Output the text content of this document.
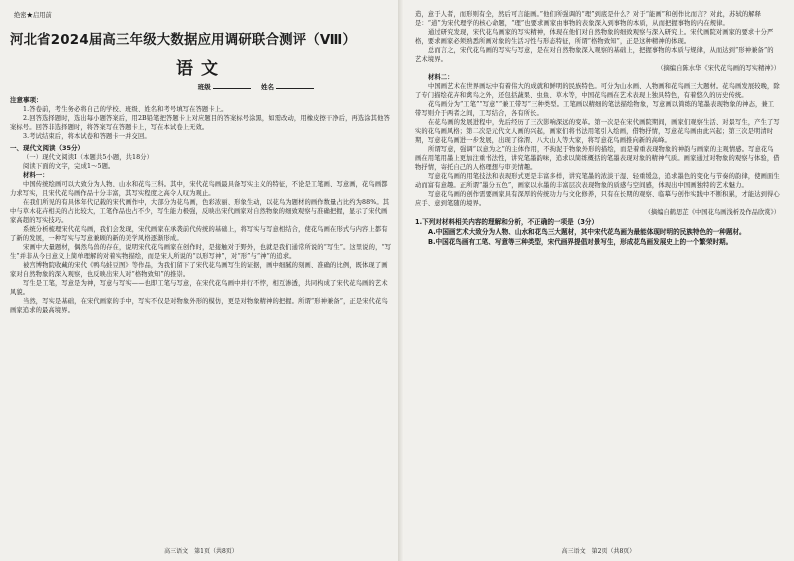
绝密★启用前

河北省2024届高三年级大数据应用调研联合测评（Ⅷ）

语文

班级	姓名

注意事项：

1.答卷前，考生务必将自己的学校、班级、姓名和考号填写在答题卡上。

2.回答选择题时，选出每小题答案后，用2B铅笔把答题卡上对应题目的答案标号涂黑，如需改动，用橡皮擦干净后，再选涂其他答案标号。回答非选择题时，将答案写在答题卡上，写在本试卷上无效。

3.考试结束后，将本试卷和答题卡一并交回。

一、现代文阅读（35分）

（一）现代文阅读Ⅰ（本题共5小题，共18分）

阅读下面的文字，完成1～5题。

材料一：

中国传统绘画可以大致分为人物、山水和花鸟三科。其中，宋代花鸟画最具备写实主义的特征，不论是工笔画、写意画，花鸟画都力求写实，且宋代花鸟画作品十分丰富，其写实程度之高令人叹为观止。

在我们所见的有具体年代记载的宋代画作中，大部分为花鸟画，色彩浓丽、形象生动，以花鸟为题材的画作数量占比约为88%。其中与草木花卉相关的占比较大，工笔作品也占不少，写生能力极强，反映出宋代画家对自然物象的细致观察与准确把握，显示了宋代画家高超的写实技巧。

系统分析梳理宋代花鸟画，我们会发现，宋代画家在承袭前代传统的基础上，将写实与写意相结合，使花鸟画在形式与内容上都有了新的发展，一种写实与写意兼顾的新的美学风格逐渐形成。

宋画中大量题材，偶然鸟兽的存在，说明宋代花鸟画家在创作时，是接触对于野外，也就是我们通常所说的“写生”。这里说的，“写生”并非从今日意义上简单理解的对着实物描绘，而是宋人所说的“以形写神”，对“形”与“神”的追求。

被宫博物院收藏的宋代《鸭鸟蛙豆图》等作品，为我们留下了宋代花鸟画写生的证据，画中细腻的刻画、准确的比例，既体现了画家对自然物象的深入观察，也反映出宋人对“格物致知”的推崇。

写生是工笔，写意是为神，写意与写实——也即工笔与写意，在宋代花鸟画中并行不悖，相互渗透，共同构成了宋代花鸟画的艺术风貌。

当然，写实是基础，在宋代画家的手中，写实不仅是对物象外形的模仿，更是对物象精神的把握。所谓“形神兼备”，正是宋代花鸟画家追求的最高境界。

高三语文　第1页（共8页）

造，意于人者，而形则有全，然后可言能画。”他们所强调的“理”到底是什么？对于“能画”和创作比而言？对此，苏轼的解释是：“道”为宋代理学的核心命题，“理”也要求画家由事物的表象深入到事物的本质，从而把握事物的内在规律。

通过研究发现，宋代花鸟画家的写实精神，体现在他们对自然物象的细致观察与深入研究上。宋代画院对画家的要求十分严格，要求画家必须熟悉所画对象的生活习性与形态特征，所谓“格物致知”，正是这种精神的体现。

总而言之，宋代花鸟画的写实与写意，是在对自然物象深入观察的基础上，把握事物的本质与规律，从而达到“形神兼备”的艺术境界。

（摘编自陈水华《宋代花鸟画的写实精神》）

材料二：

中国画艺术在世界画坛中有着伟大的成就和鲜明的民族特色。可分为山水画、人物画和花鸟画三大题材。花鸟画发展较晚，除了专门描绘花卉和禽鸟之外，还包括蔬果、虫鱼、草木等，中国花鸟画在艺术表现上独具特色，有着悠久的历史传统。

花鸟画分为“工笔”“写意”“兼工带写”三种类型。工笔画以精细的笔法描绘物象，写意画以简练的笔墨表现物象的神态，兼工带写则介于两者之间，工写结合，各有所长。

在花鸟画的发展进程中，先后经历了三次影响深远的变革。第一次是在宋代画院期间，画家们观察生活、对景写生，产生了写实的花鸟画风格；第二次是元代文人画的兴起，画家们将书法用笔引入绘画，借物抒情，写意花鸟画由此兴起；第三次是明清时期，写意花鸟画进一步发展，出现了徐渭、八大山人等大家，将写意花鸟画推向新的高峰。

所谓写意，强调“以意为之”的主体作用，不拘泥于物象外形的描绘，而是着重表现物象的神韵与画家的主观情感。写意花鸟画在用笔用墨上更加注重书法性，讲究笔墨韵味，追求以简练概括的笔墨表现对象的精神气质。画家通过对物象的观察与体验，借物抒情，寄托自己的人格理想与审美情趣。

写意花鸟画的用笔技法和表现形式更是丰富多样，讲究笔墨的浓淡干湿、轻重缓急，追求墨色的变化与节奏的韵律，使画面生动而富有意趣。正所谓“墨分五色”，画家以水墨的丰富层次表现物象的质感与空间感，体现出中国画独特的艺术魅力。

写意花鸟画的创作需要画家具有深厚的传统功力与文化修养，只有在长期的观察、临摹与创作实践中不断积累，才能达到得心应手、意到笔随的境界。

（摘编自鹤思芷《中国花鸟画浅析及作品欣赏》）

1.下列对材料相关内容的理解和分析，不正确的一项是（3分）

A.中国画艺术大致分为人物、山水和花鸟三大题材，其中宋代花鸟画为最能体现时明的民族特色的一种题材。

B.中国花鸟画有工笔、写意等三种类型，宋代画界提倡对景写生，形成花鸟画发展史上的一个繁荣时期。

高三语文　第2页（共8页）
